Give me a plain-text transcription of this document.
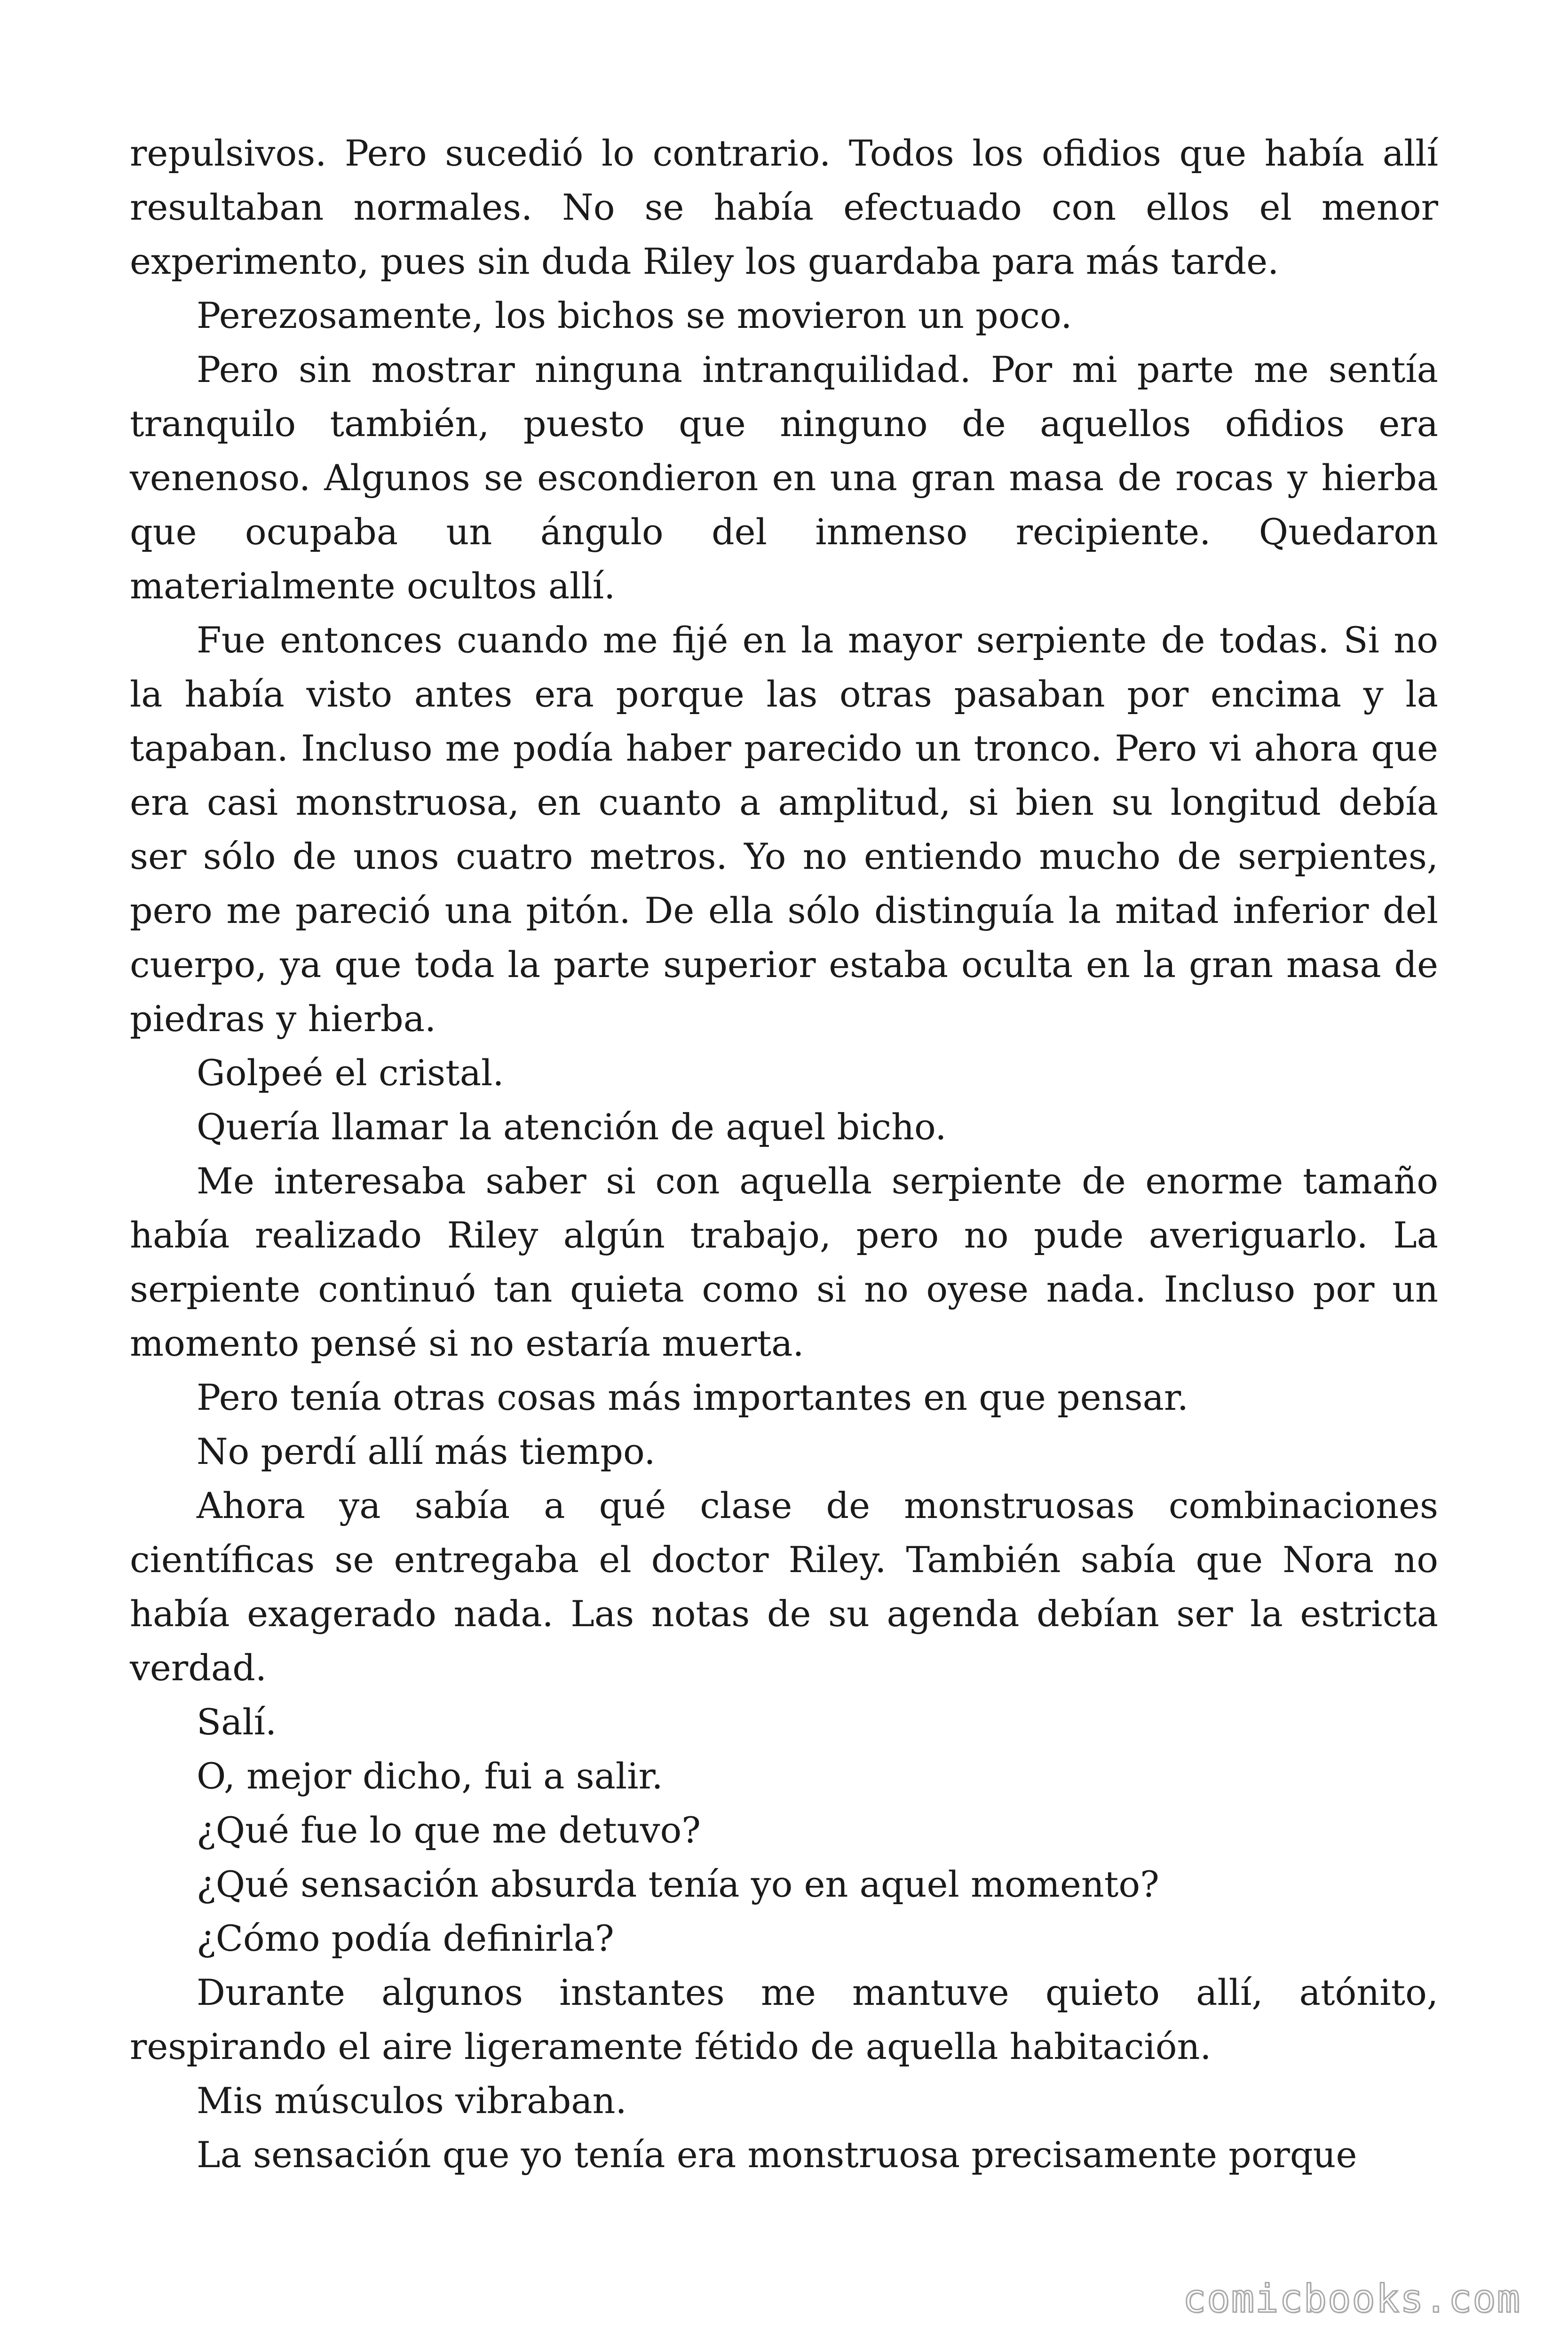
repulsivos. Pero sucedió lo contrario. Todos los ofidios que había allí resultaban normales. No se había efectuado con ellos el menor experimento, pues sin duda Riley los guardaba para más tarde.

Perezosamente, los bichos se movieron un poco.

Pero sin mostrar ninguna intranquilidad. Por mi parte me sentía tranquilo también, puesto que ninguno de aquellos ofidios era venenoso. Algunos se escondieron en una gran masa de rocas y hierba que ocupaba un ángulo del inmenso recipiente. Quedaron materialmente ocultos allí.

Fue entonces cuando me fijé en la mayor serpiente de todas. Si no la había visto antes era porque las otras pasaban por encima y la tapaban. Incluso me podía haber parecido un tronco. Pero vi ahora que era casi monstruosa, en cuanto a amplitud, si bien su longitud debía ser sólo de unos cuatro metros. Yo no entiendo mucho de serpientes, pero me pareció una pitón. De ella sólo distinguía la mitad inferior del cuerpo, ya que toda la parte superior estaba oculta en la gran masa de piedras y hierba.

Golpeé el cristal.

Quería llamar la atención de aquel bicho.

Me interesaba saber si con aquella serpiente de enorme tamaño había realizado Riley algún trabajo, pero no pude averiguarlo. La serpiente continuó tan quieta como si no oyese nada. Incluso por un momento pensé si no estaría muerta.

Pero tenía otras cosas más importantes en que pensar.

No perdí allí más tiempo.

Ahora ya sabía a qué clase de monstruosas combinaciones científicas se entregaba el doctor Riley. También sabía que Nora no había exagerado nada. Las notas de su agenda debían ser la estricta verdad.

Salí.

O, mejor dicho, fui a salir.

¿Qué fue lo que me detuvo?

¿Qué sensación absurda tenía yo en aquel momento?

¿Cómo podía definirla?

Durante algunos instantes me mantuve quieto allí, atónito, respirando el aire ligeramente fétido de aquella habitación.

Mis músculos vibraban.

La sensación que yo tenía era monstruosa precisamente porque

comicbooks.com
